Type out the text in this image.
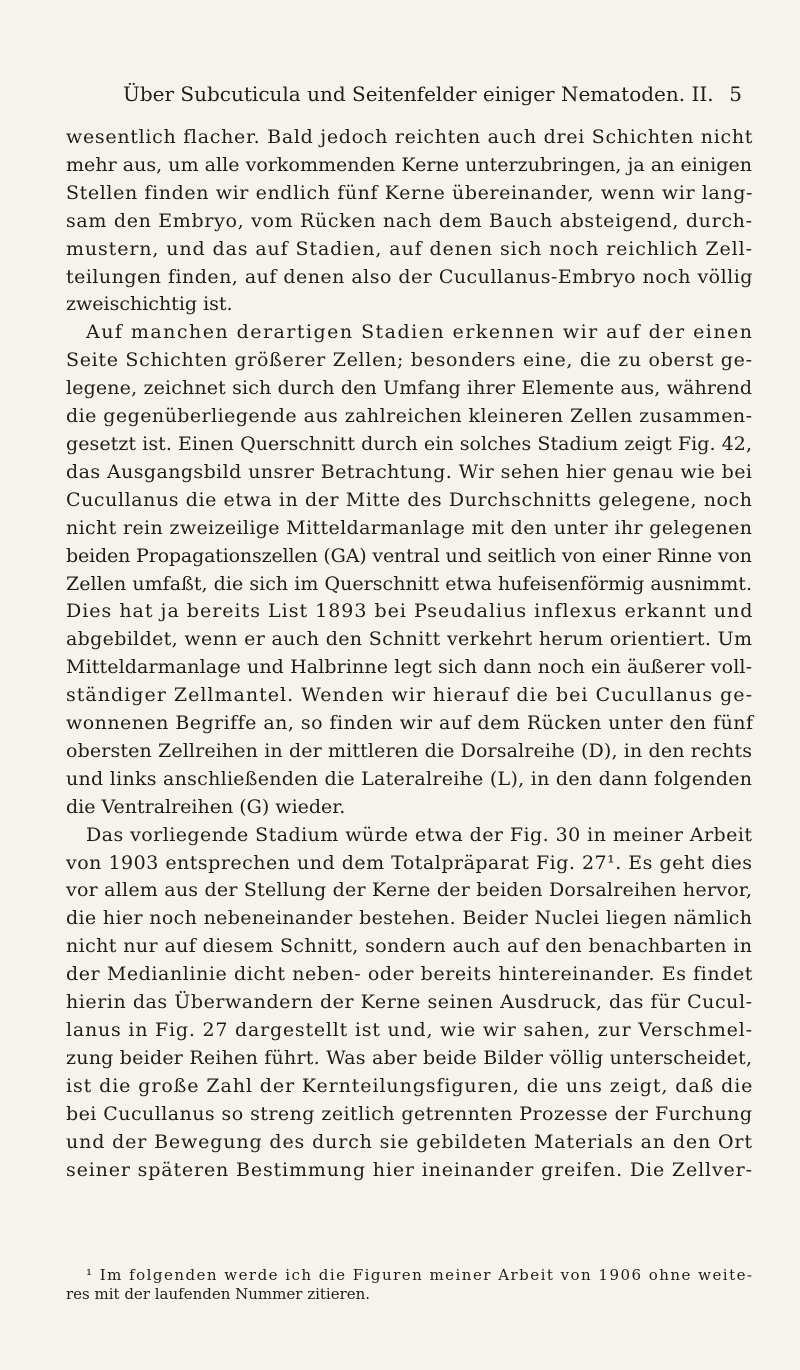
Über Subcuticula und Seitenfelder einiger Nematoden. II. 5
wesentlich flacher. Bald jedoch reichten auch drei Schichten nicht
mehr aus, um alle vorkommenden Kerne unterzubringen, ja an einigen
Stellen finden wir endlich fünf Kerne übereinander, wenn wir lang-
sam den Embryo, vom Rücken nach dem Bauch absteigend, durch-
mustern, und das auf Stadien, auf denen sich noch reichlich Zell-
teilungen finden, auf denen also der Cucullanus-Embryo noch völlig
zweischichtig ist.
Auf manchen derartigen Stadien erkennen wir auf der einen
Seite Schichten größerer Zellen; besonders eine, die zu oberst ge-
legene, zeichnet sich durch den Umfang ihrer Elemente aus, während
die gegenüberliegende aus zahlreichen kleineren Zellen zusammen-
gesetzt ist. Einen Querschnitt durch ein solches Stadium zeigt Fig. 42,
das Ausgangsbild unsrer Betrachtung. Wir sehen hier genau wie bei
Cucullanus die etwa in der Mitte des Durchschnitts gelegene, noch
nicht rein zweizeilige Mitteldarmanlage mit den unter ihr gelegenen
beiden Propagationszellen (GA) ventral und seitlich von einer Rinne von
Zellen umfaßt, die sich im Querschnitt etwa hufeisenförmig ausnimmt.
Dies hat ja bereits List 1893 bei Pseudalius inflexus erkannt und
abgebildet, wenn er auch den Schnitt verkehrt herum orientiert. Um
Mitteldarmanlage und Halbrinne legt sich dann noch ein äußerer voll-
ständiger Zellmantel. Wenden wir hierauf die bei Cucullanus ge-
wonnenen Begriffe an, so finden wir auf dem Rücken unter den fünf
obersten Zellreihen in der mittleren die Dorsalreihe (D), in den rechts
und links anschließenden die Lateralreihe (L), in den dann folgenden
die Ventralreihen (G) wieder.
Das vorliegende Stadium würde etwa der Fig. 30 in meiner Arbeit
von 1903 entsprechen und dem Totalpräparat Fig. 27¹. Es geht dies
vor allem aus der Stellung der Kerne der beiden Dorsalreihen hervor,
die hier noch nebeneinander bestehen. Beider Nuclei liegen nämlich
nicht nur auf diesem Schnitt, sondern auch auf den benachbarten in
der Medianlinie dicht neben- oder bereits hintereinander. Es findet
hierin das Überwandern der Kerne seinen Ausdruck, das für Cucul-
lanus in Fig. 27 dargestellt ist und, wie wir sahen, zur Verschmel-
zung beider Reihen führt. Was aber beide Bilder völlig unterscheidet,
ist die große Zahl der Kernteilungsfiguren, die uns zeigt, daß die
bei Cucullanus so streng zeitlich getrennten Prozesse der Furchung
und der Bewegung des durch sie gebildeten Materials an den Ort
seiner späteren Bestimmung hier ineinander greifen. Die Zellver-
¹ Im folgenden werde ich die Figuren meiner Arbeit von 1906 ohne weite-
res mit der laufenden Nummer zitieren.
